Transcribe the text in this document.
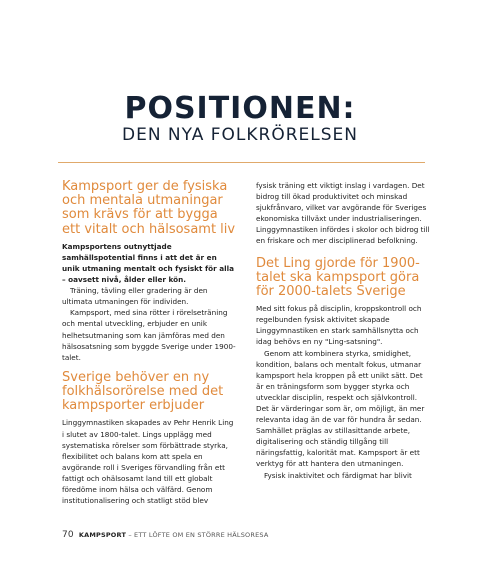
POSITIONEN:
DEN NYA FOLKRÖRELSEN
Kampsport ger de fysiska och mentala utmaningar som krävs för att bygga ett vitalt och hälsosamt liv

Kampsportens outnyttjade samhällspotential finns i att det är en unik utmaning mentalt och fysiskt för alla – oavsett nivå, ålder eller kön.

Träning, tävling eller gradering är den ultimata utmaningen för individen.

Kampsport, med sina rötter i rörelseträning och mental utveckling, erbjuder en unik helhetsutmaning som kan jämföras med den hälsosatsning som byggde Sverige under 1900-talet.

Sverige behöver en ny folkhälsorörelse med det kampsporter erbjuder

Linggymnastiken skapades av Pehr Henrik Ling i slutet av 1800-talet. Lings upplägg med systematiska rörelser som förbättrade styrka, flexibilitet och balans kom att spela en avgörande roll i Sveriges förvandling från ett fattigt och ohälsosamt land till ett globalt föredöme inom hälsa och välfärd. Genom institutionalisering och statligt stöd blev

fysisk träning ett viktigt inslag i vardagen. Det bidrog till ökad produktivitet och minskad sjukfrånvaro, vilket var avgörande för Sveriges ekonomiska tillväxt under industrialiseringen. Linggymnastiken infördes i skolor och bidrog till en friskare och mer disciplinerad befolkning.

Det Ling gjorde för 1900-talet ska kampsport göra för 2000-talets Sverige

Med sitt fokus på disciplin, kroppskontroll och regelbunden fysisk aktivitet skapade Linggymnastiken en stark samhällsnytta och idag behövs en ny "Ling-satsning".

Genom att kombinera styrka, smidighet, kondition, balans och mentalt fokus, utmanar kampsport hela kroppen på ett unikt sätt. Det är en träningsform som bygger styrka och utvecklar disciplin, respekt och självkontroll. Det är värderingar som är, om möjligt, än mer relevanta idag än de var för hundra år sedan. Samhället präglas av stillasittande arbete, digitalisering och ständig tillgång till näringsfattig, kalorität mat. Kampsport är ett verktyg för att hantera den utmaningen.

Fysisk inaktivitet och färdigmat har blivit

70 KAMPSPORT – ETT LÖFTE OM EN STÖRRE HÄLSORESA
